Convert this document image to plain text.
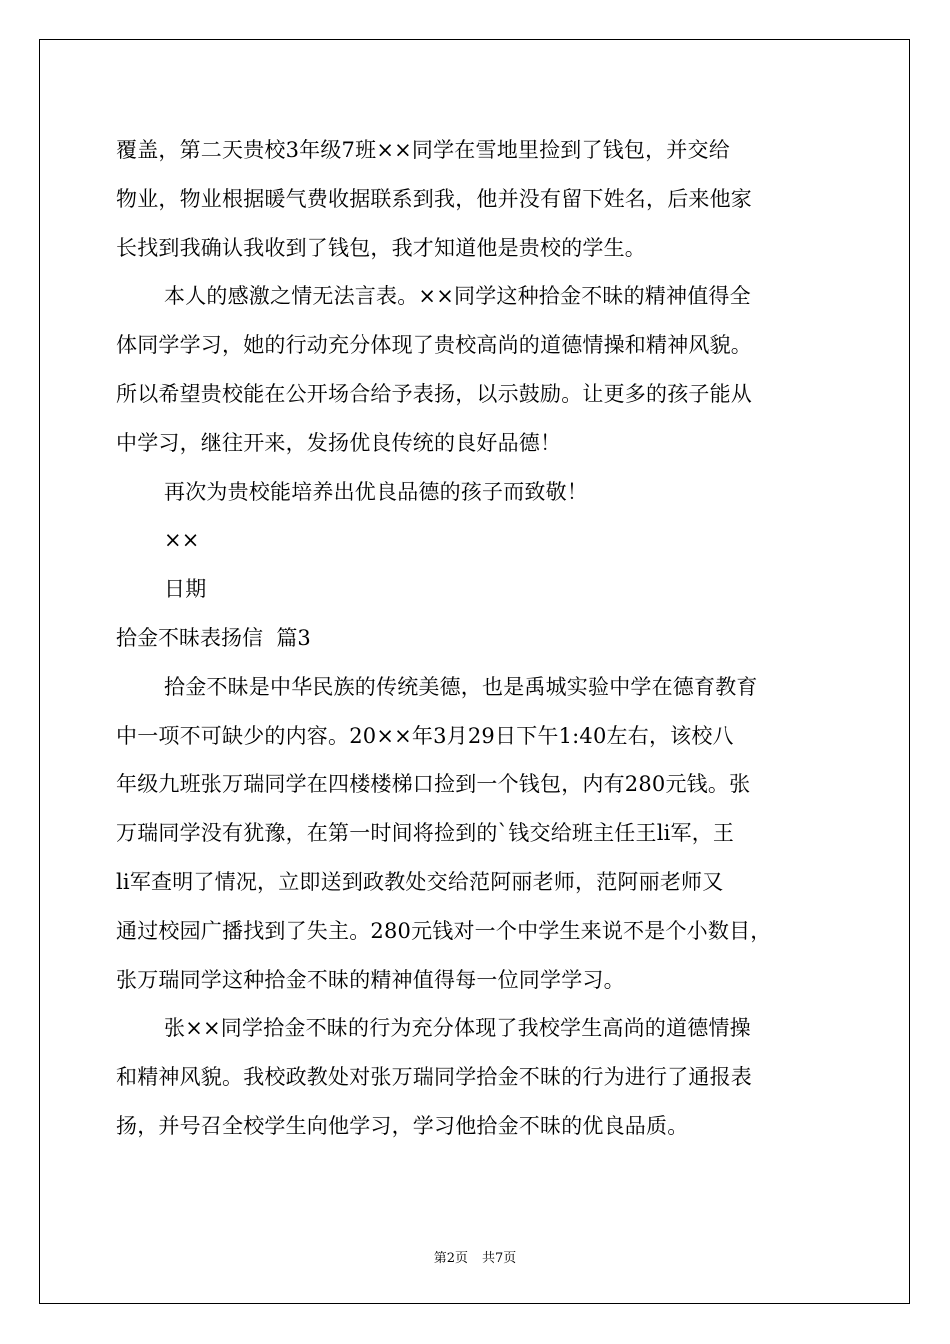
覆盖，第二天贵校3年级7班××同学在雪地里捡到了钱包，并交给
物业，物业根据暖气费收据联系到我，他并没有留下姓名，后来他家
长找到我确认我收到了钱包，我才知道他是贵校的学生。
本人的感激之情无法言表。××同学这种拾金不昧的精神值得全
体同学学习，她的行动充分体现了贵校高尚的道德情操和精神风貌。
所以希望贵校能在公开场合给予表扬，以示鼓励。让更多的孩子能从
中学习，继往开来，发扬优良传统的良好品德！
再次为贵校能培养出优良品德的孩子而致敬！
××
日期
拾金不昧表扬信  篇3
拾金不昧是中华民族的传统美德，也是禹城实验中学在德育教育
中一项不可缺少的内容。20××年3月29日下午1:40左右，该校八
年级九班张万瑞同学在四楼楼梯口捡到一个钱包，内有280元钱。张
万瑞同学没有犹豫，在第一时间将捡到的`钱交给班主任王li军，王
li军查明了情况，立即送到政教处交给范阿丽老师，范阿丽老师又
通过校园广播找到了失主。280元钱对一个中学生来说不是个小数目，
张万瑞同学这种拾金不昧的精神值得每一位同学学习。
张××同学拾金不昧的行为充分体现了我校学生高尚的道德情操
和精神风貌。我校政教处对张万瑞同学拾金不昧的行为进行了通报表
扬，并号召全校学生向他学习，学习他拾金不昧的优良品质。
第2页 共7页
